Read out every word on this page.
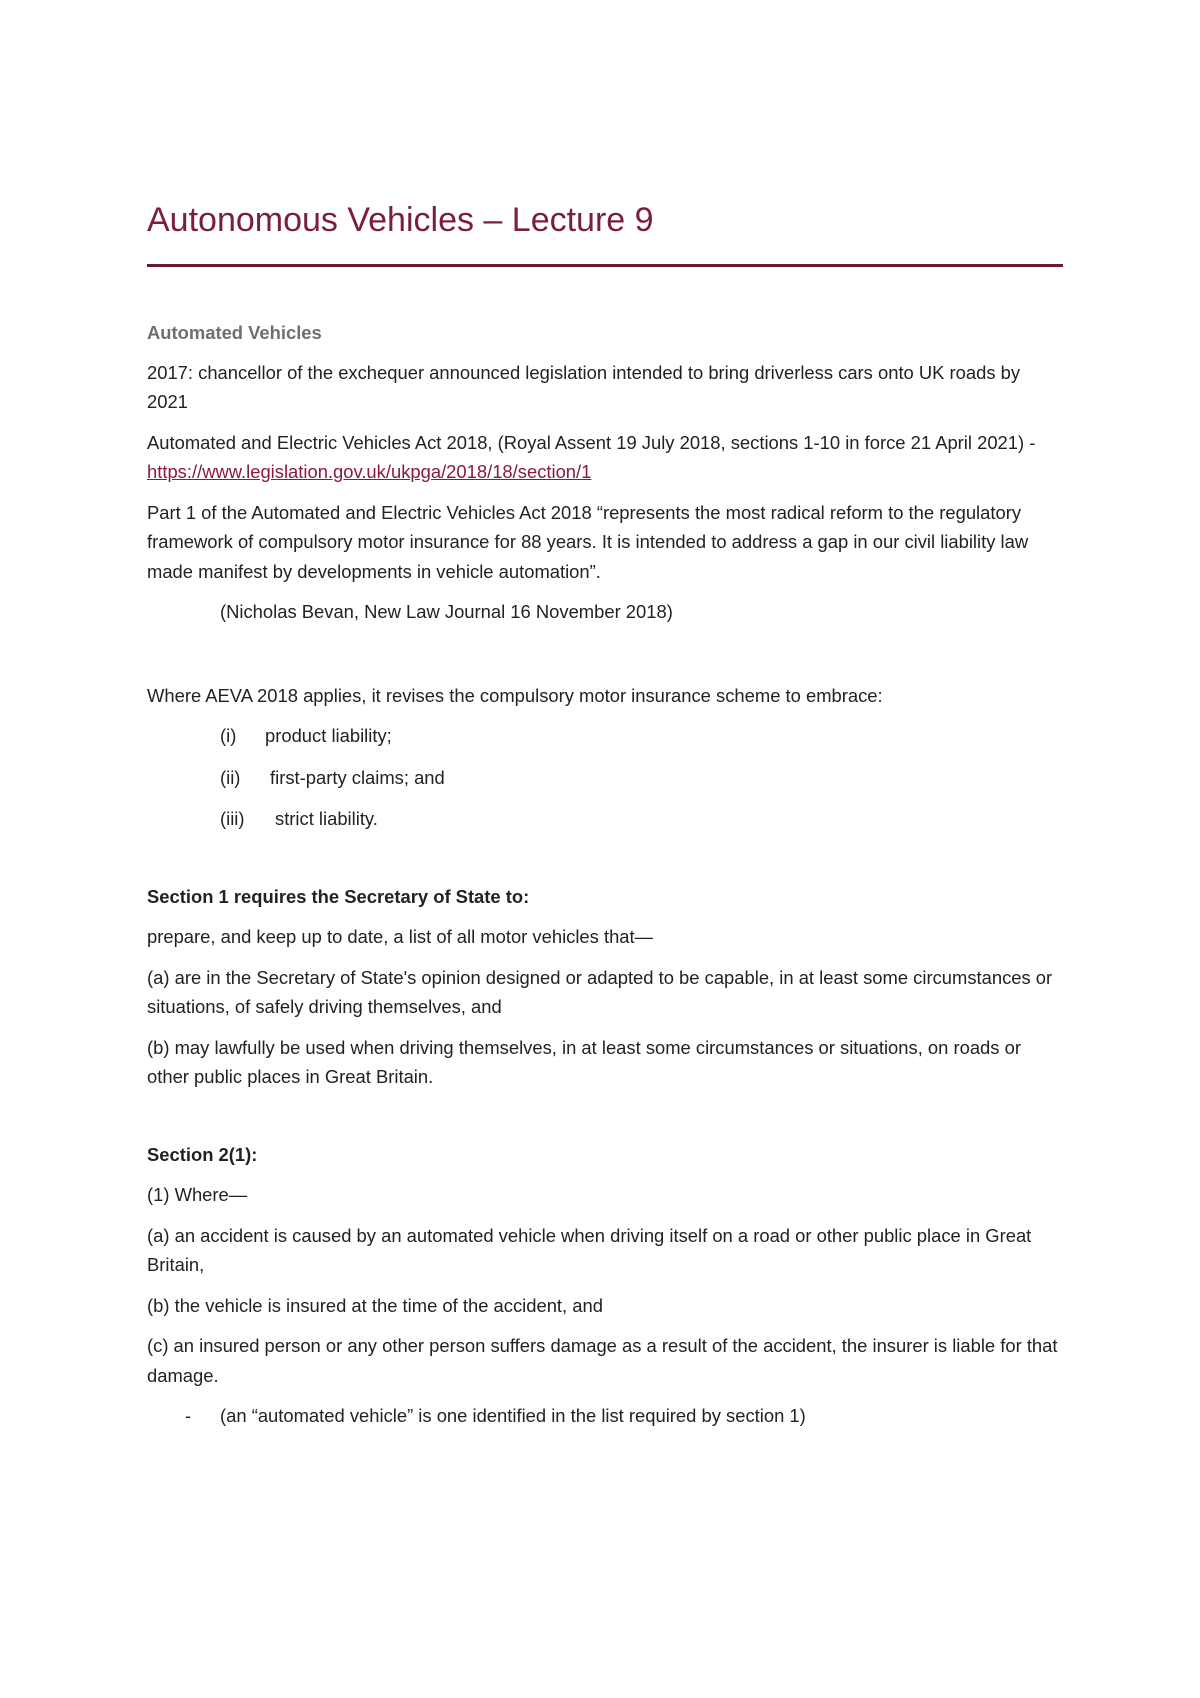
Autonomous Vehicles – Lecture 9

Automated Vehicles

2017: chancellor of the exchequer announced legislation intended to bring driverless cars onto UK roads by 2021

Automated and Electric Vehicles Act 2018, (Royal Assent 19 July 2018, sections 1-10 in force 21 April 2021) - https://www.legislation.gov.uk/ukpga/2018/18/section/1

Part 1 of the Automated and Electric Vehicles Act 2018 “represents the most radical reform to the regulatory framework of compulsory motor insurance for 88 years. It is intended to address a gap in our civil liability law made manifest by developments in vehicle automation”.

(Nicholas Bevan, New Law Journal 16 November 2018)

Where AEVA 2018 applies, it revises the compulsory motor insurance scheme to embrace:

(i)	product liability;
(ii)	first-party claims; and
(iii)	strict liability.

Section 1 requires the Secretary of State to:

prepare, and keep up to date, a list of all motor vehicles that—

(a) are in the Secretary of State's opinion designed or adapted to be capable, in at least some circumstances or situations, of safely driving themselves, and

(b) may lawfully be used when driving themselves, in at least some circumstances or situations, on roads or other public places in Great Britain.

Section 2(1):

(1) Where—

(a) an accident is caused by an automated vehicle when driving itself on a road or other public place in Great Britain,

(b) the vehicle is insured at the time of the accident, and

(c) an insured person or any other person suffers damage as a result of the accident, the insurer is liable for that damage.

-	(an “automated vehicle” is one identified in the list required by section 1)
